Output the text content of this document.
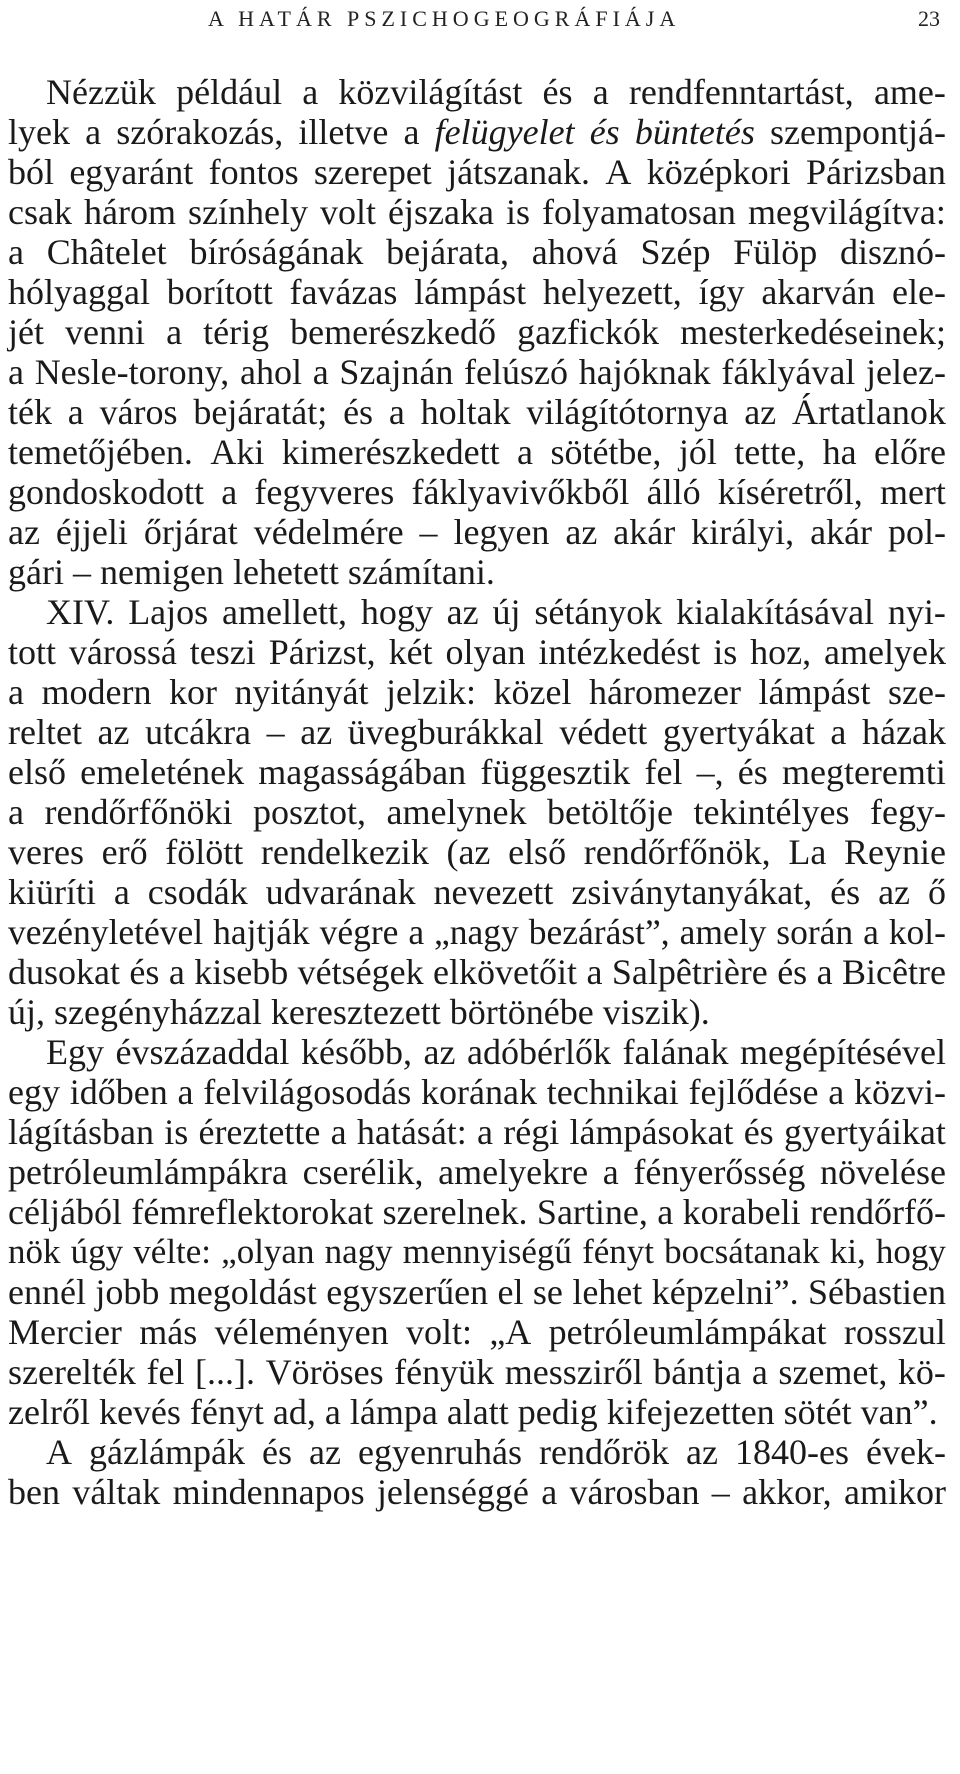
A HATÁR PSZICHOGEOGRÁFIÁJA	23
Nézzük például a közvilágítást és a rendfenntartást, ame-
lyek a szórakozás, illetve a felügyelet és büntetés szempontjá-
ból egyaránt fontos szerepet játszanak. A középkori Párizsban
csak három színhely volt éjszaka is folyamatosan megvilágítva:
a Châtelet bíróságának bejárata, ahová Szép Fülöp disznó-
hólyaggal borított favázas lámpást helyezett, így akarván ele-
jét venni a térig bemerészkedő gazfickók mesterkedéseinek;
a Nesle-torony, ahol a Szajnán felúszó hajóknak fáklyával jelez-
ték a város bejáratát; és a holtak világítótornya az Ártatlanok
temetőjében. Aki kimerészkedett a sötétbe, jól tette, ha előre
gondoskodott a fegyveres fáklyavivőkből álló kíséretről, mert
az éjjeli őrjárat védelmére – legyen az akár királyi, akár pol-
gári – nemigen lehetett számítani.
XIV. Lajos amellett, hogy az új sétányok kialakításával nyi-
tott várossá teszi Párizst, két olyan intézkedést is hoz, amelyek
a modern kor nyitányát jelzik: közel háromezer lámpást sze-
reltet az utcákra – az üvegburákkal védett gyertyákat a házak
első emeletének magasságában függesztik fel –, és megteremti
a rendőrfőnöki posztot, amelynek betöltője tekintélyes fegy-
veres erő fölött rendelkezik (az első rendőrfőnök, La Reynie
kiüríti a csodák udvarának nevezett zsiványtanyákat, és az ő
vezényletével hajtják végre a „nagy bezárást”, amely során a kol-
dusokat és a kisebb vétségek elkövetőit a Salpêtrière és a Bicêtre
új, szegényházzal keresztezett börtönébe viszik).
Egy évszázaddal később, az adóbérlők falának megépítésével
egy időben a felvilágosodás korának technikai fejlődése a közvi-
lágításban is éreztette a hatását: a régi lámpásokat és gyertyáikat
petróleumlámpákra cserélik, amelyekre a fényerősség növelése
céljából fémreflektorokat szerelnek. Sartine, a korabeli rendőrfő-
nök úgy vélte: „olyan nagy mennyiségű fényt bocsátanak ki, hogy
ennél jobb megoldást egyszerűen el se lehet képzelni”. Sébastien
Mercier más véleményen volt: „A petróleumlámpákat rosszul
szerelték fel [...]. Vöröses fényük messziről bántja a szemet, kö-
zelről kevés fényt ad, a lámpa alatt pedig kifejezetten sötét van”.
A gázlámpák és az egyenruhás rendőrök az 1840-es évek-
ben váltak mindennapos jelenséggé a városban – akkor, amikor
